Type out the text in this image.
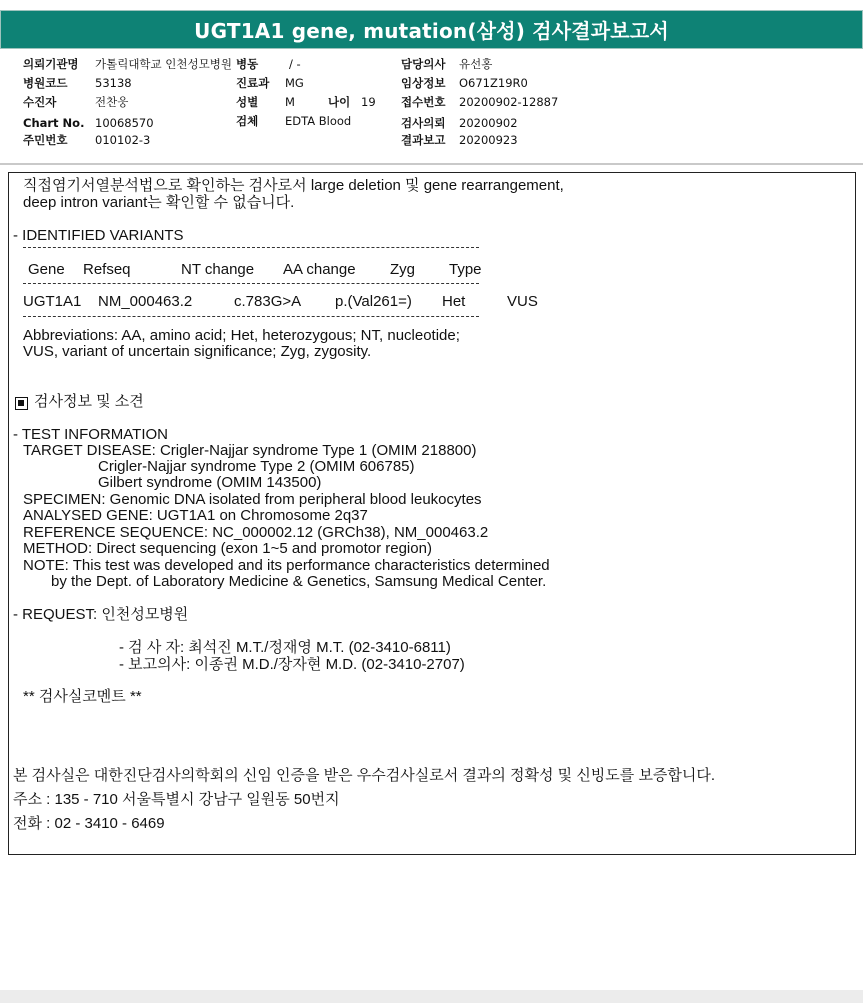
UGT1A1 gene, mutation(삼성) 검사결과보고서
의뢰기관명 가톨릭대학교 인천성모병원 병동	/ -	담당의사 유선홍
병원코드 53138	진료과 MG	임상정보 O671Z19R0
수진자	전찬웅	성별 M	나이 19 접수번호 20200902-12887
Chart No. 10068570	검체 EDTA Blood	검사의뢰 20200902
주민번호 010102-3	결과보고 20200923
직접염기서열분석법으로 확인하는 검사로서 large deletion 및 gene rearrangement,
deep intron variant는 확인할 수 없습니다.
- IDENTIFIED VARIANTS
Gene Refseq	NT change AA change Zyg Type
UGT1A1 NM_000463.2	c.783G>A p.(Val261=) Het	VUS
Abbreviations: AA, amino acid; Het, heterozygous; NT, nucleotide;
VUS, variant of uncertain significance; Zyg, zygosity.
검사정보 및 소견
- TEST INFORMATION
TARGET DISEASE: Crigler-Najjar syndrome Type 1 (OMIM 218800)
Crigler-Najjar syndrome Type 2 (OMIM 606785)
Gilbert syndrome (OMIM 143500)
SPECIMEN: Genomic DNA isolated from peripheral blood leukocytes
ANALYSED GENE: UGT1A1 on Chromosome 2q37
REFERENCE SEQUENCE: NC_000002.12 (GRCh38), NM_000463.2
METHOD: Direct sequencing (exon 1~5 and promotor region)
NOTE: This test was developed and its performance characteristics determined
by the Dept. of Laboratory Medicine & Genetics, Samsung Medical Center.
- REQUEST: 인천성모병원
- 검 사 자: 최석진 M.T./정재영 M.T. (02-3410-6811)
- 보고의사: 이종권 M.D./장자현 M.D. (02-3410-2707)
** 검사실코멘트 **
본 검사실은 대한진단검사의학회의 신임 인증을 받은 우수검사실로서 결과의 정확성 및 신빙도를 보증합니다.
주소 : 135 - 710 서울특별시 강남구 일원동 50번지
전화 : 02 - 3410 - 6469
